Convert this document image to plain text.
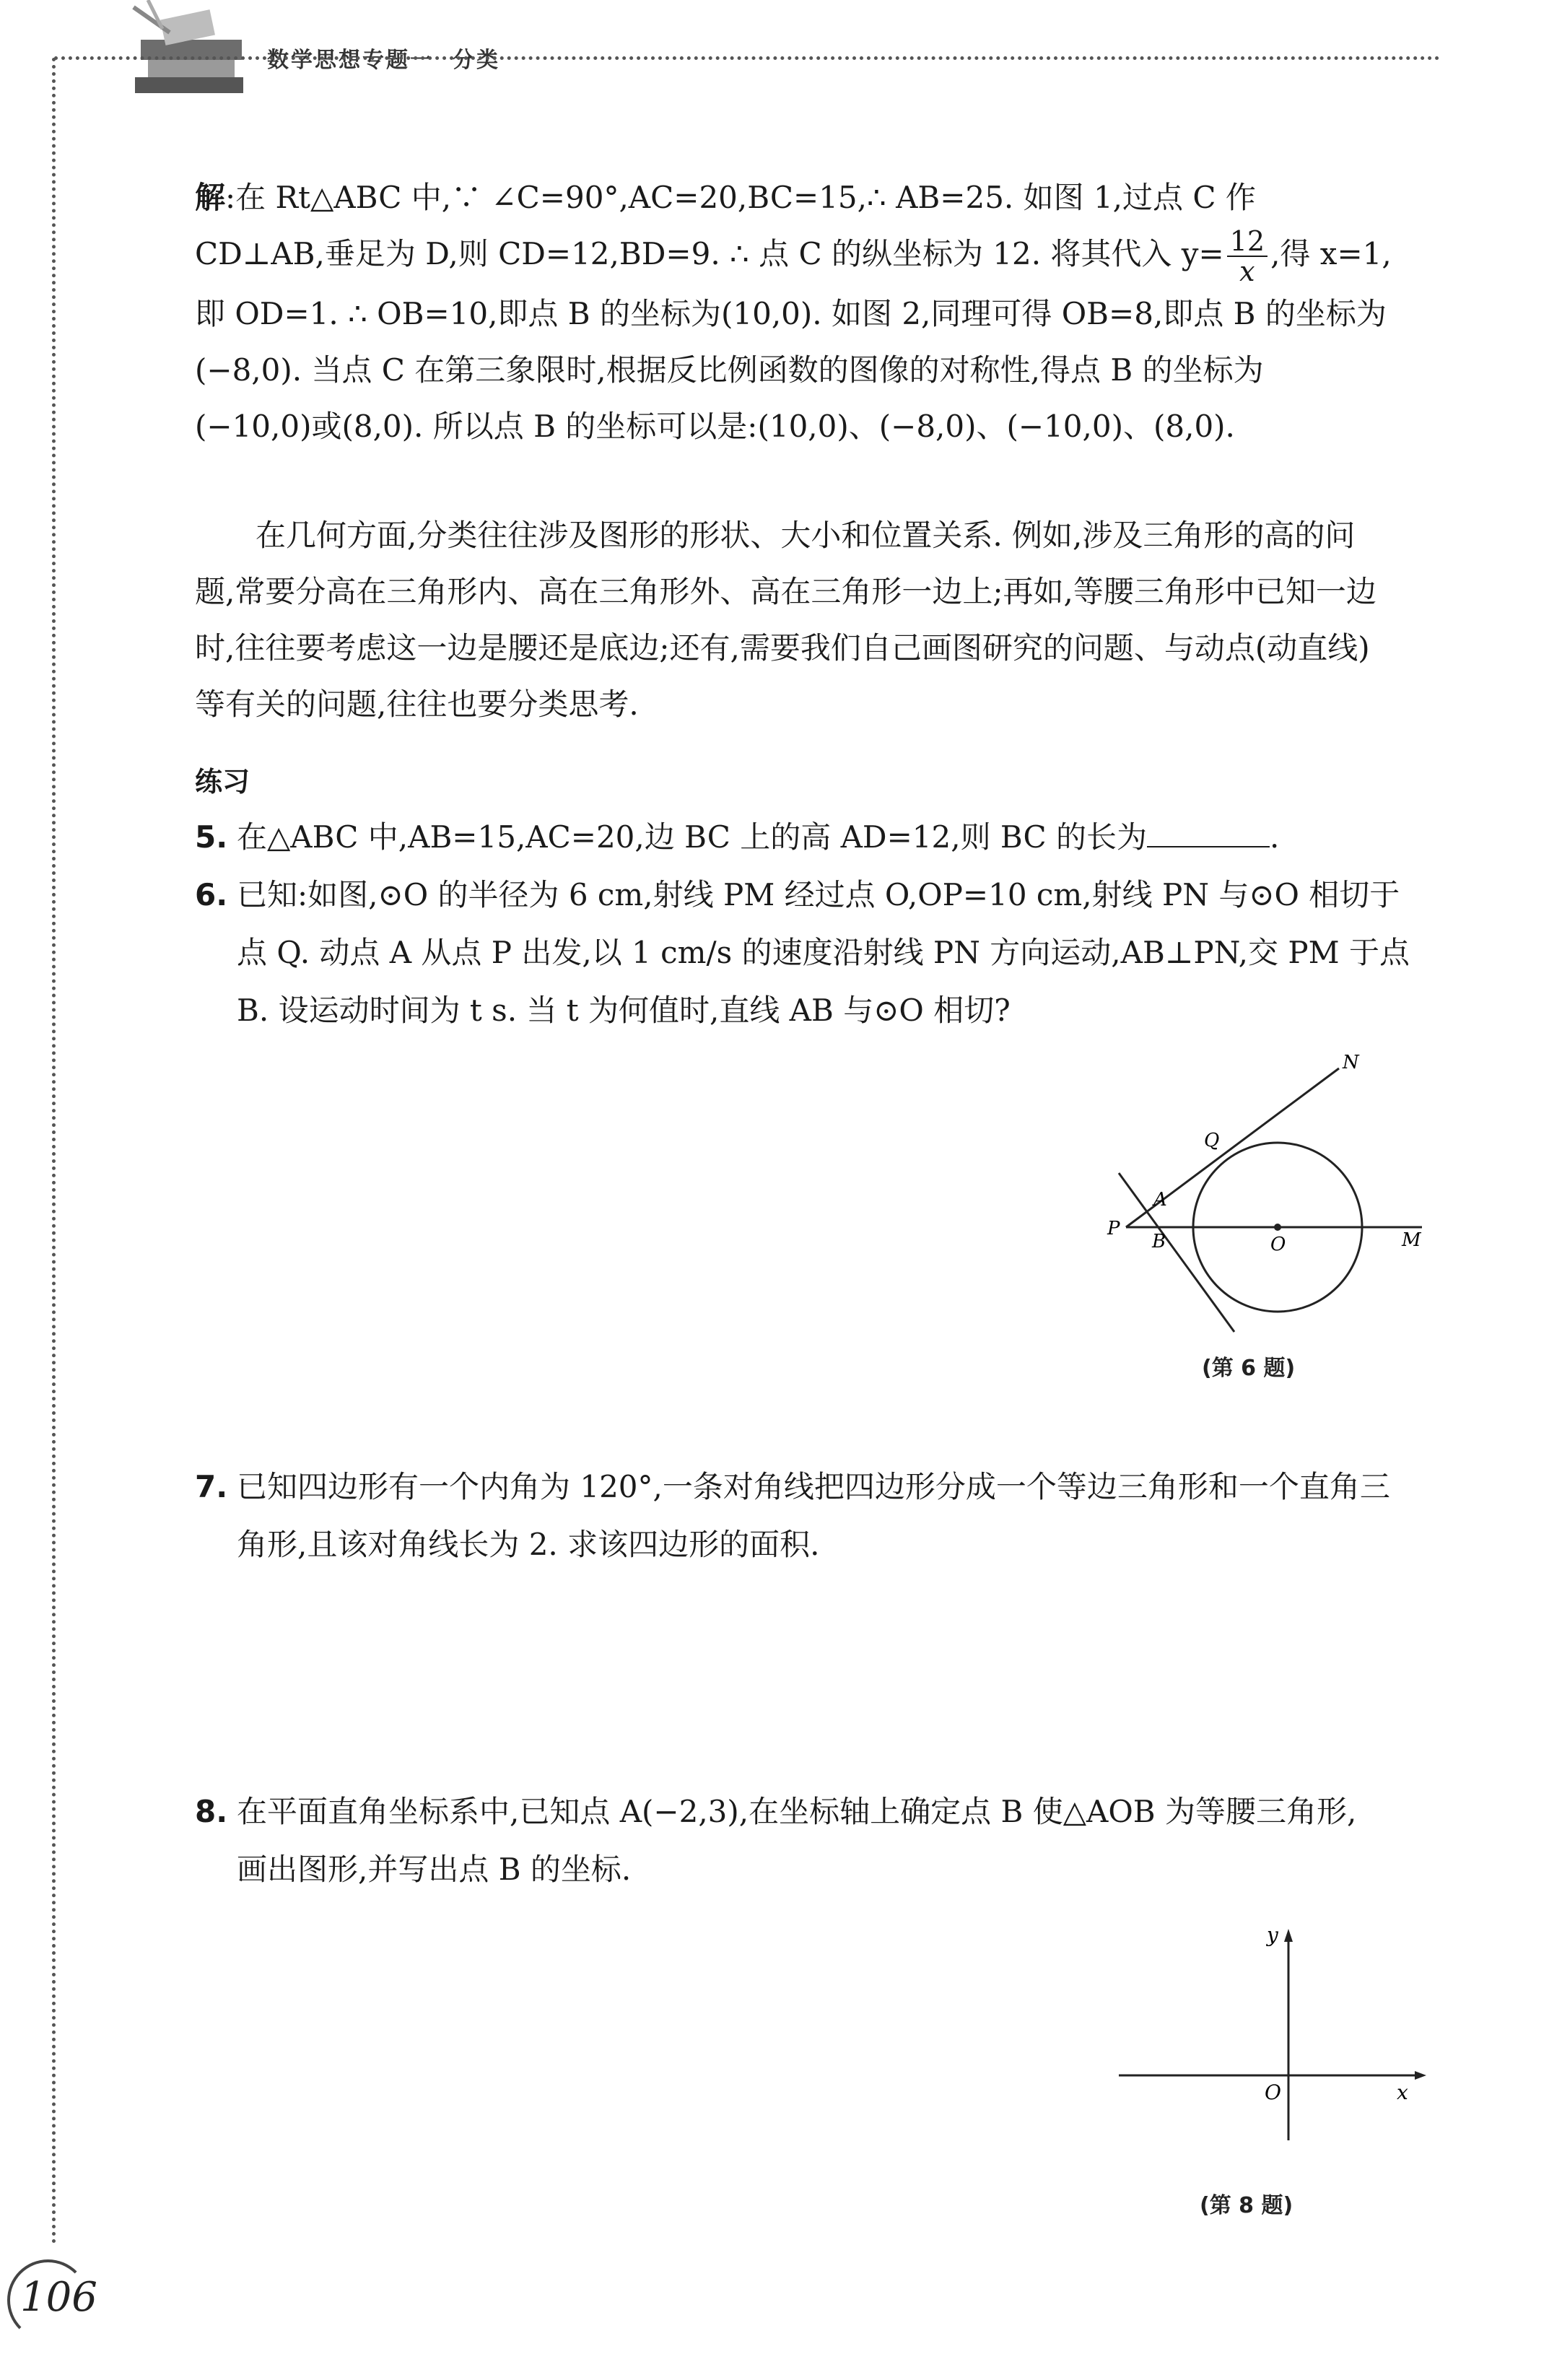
数学思想专题一 分类

解:在 Rt△ABC 中,∵ ∠C=90°,AC=20,BC=15,∴ AB=25. 如图 1,过点 C 作

CD⊥AB,垂足为 D,则 CD=12,BD=9. ∴ 点 C 的纵坐标为 12. 将其代入 $y= \frac{12}{x}$ ,得 x=1,

即 OD=1. ∴ OB=10,即点 B 的坐标为(10,0). 如图 2,同理可得 OB=8,即点 B 的坐标为

(−8,0). 当点 C 在第三象限时,根据反比例函数的图像的对称性,得点 B 的坐标为

(−10,0)或(8,0). 所以点 B 的坐标可以是:(10,0)、(−8,0)、(−10,0)、(8,0).

在几何方面,分类往往涉及图形的形状、大小和位置关系. 例如,涉及三角形的高的问

题,常要分高在三角形内、高在三角形外、高在三角形一边上;再如,等腰三角形中已知一边

时,往往要考虑这一边是腰还是底边;还有,需要我们自己画图研究的问题、与动点(动直线)

等有关的问题,往往也要分类思考.

练习
5. 在△ABC 中,AB=15,AC=20,边 BC 上的高 AD=12,则 BC 的长为	.
6. 已知:如图,⊙O 的半径为 6 cm,射线 PM 经过点 O,OP=10 cm,射线 PN 与⊙O 相切于
点 Q. 动点 A 从点 P 出发,以 1 cm/s 的速度沿射线 PN 方向运动,AB⊥PN,交 PM 于点
B. 设运动时间为 t s. 当 t 为何值时,直线 AB 与⊙O 相切?
N
Q
A
P
B	O	M
(第 6 题)
7. 已知四边形有一个内角为 120°,一条对角线把四边形分成一个等边三角形和一个直角三
角形,且该对角线长为 2. 求该四边形的面积.
8. 在平面直角坐标系中,已知点 A(−2,3),在坐标轴上确定点 B 使△AOB 为等腰三角形,
画出图形,并写出点 B 的坐标.
y
O	x
(第 8 题)
106
